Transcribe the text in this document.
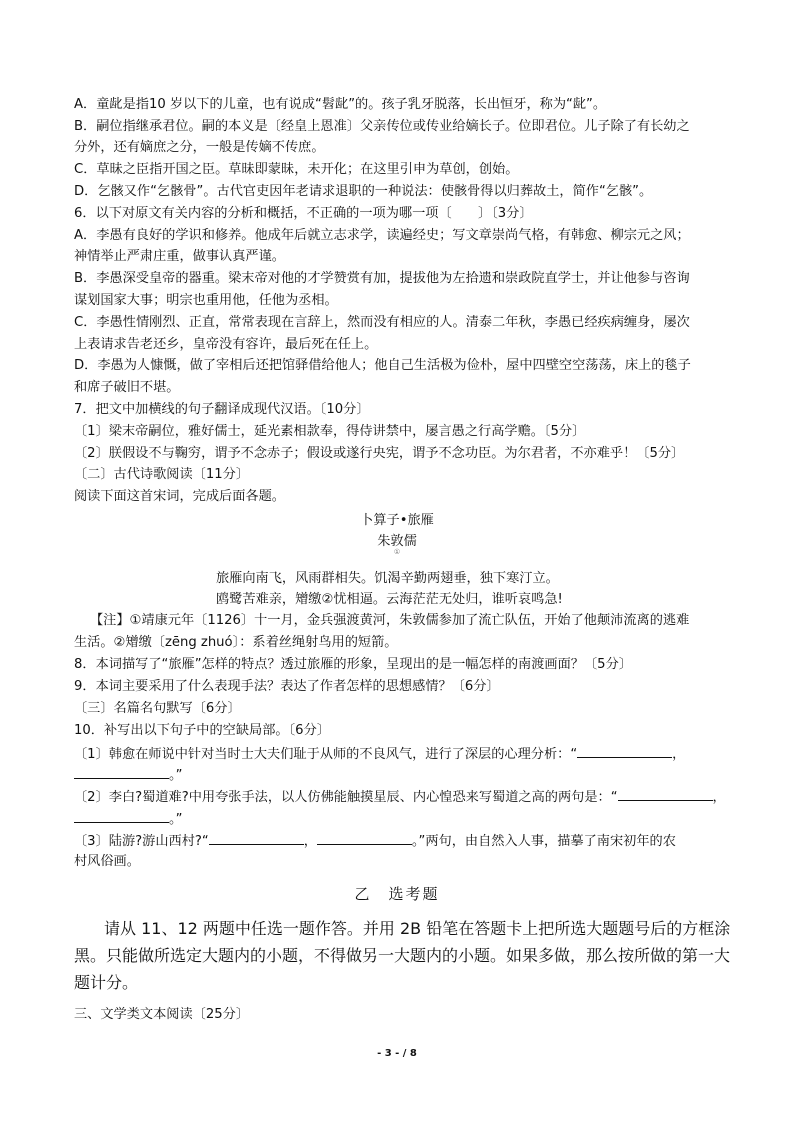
A．童龀是指10 岁以下的儿童，也有说成“髫龀”的。孩子乳牙脱落，长出恒牙，称为“龀”。
B．嗣位指继承君位。嗣的本义是〔经皇上恩准〕父亲传位或传业给嫡长子。位即君位。儿子除了有长幼之
分外，还有嫡庶之分，一般是传嫡不传庶。
C．草昧之臣指开国之臣。草昧即蒙昧，未开化；在这里引申为草创，创始。
D．乞骸又作“乞骸骨”。古代官吏因年老请求退职的一种说法：使骸骨得以归葬故土，简作“乞骸”。
6．以下对原文有关内容的分析和概括，不正确的一项为哪一项〔　　〕〔3分〕
A．李愚有良好的学识和修养。他成年后就立志求学，读遍经史；写文章崇尚气格，有韩愈、柳宗元之风；
神情举止严肃庄重，做事认真严谨。
B．李愚深受皇帝的器重。梁末帝对他的才学赞赏有加，提拔他为左拾遗和崇政院直学士，并让他参与咨询
谋划国家大事；明宗也重用他，任他为丞相。
C．李愚性情刚烈、正直，常常表现在言辞上，然而没有相应的人。清泰二年秋，李愚已经疾病缠身，屡次
上表请求告老还乡，皇帝没有容许，最后死在任上。
D．李愚为人慷慨，做了宰相后还把馆驿借给他人；他自己生活极为俭朴，屋中四壁空空荡荡，床上的毯子
和席子破旧不堪。
7．把文中加横线的句子翻译成现代汉语。〔10分〕
〔1〕梁末帝嗣位，雅好儒士，延光素相款奉，得侍讲禁中，屡言愚之行高学赡。〔5分〕
〔2〕朕假设不与鞠穷，谓予不念赤子；假设或遂行央宪，谓予不念功臣。为尔君者，不亦难乎！〔5分〕
〔二〕古代诗歌阅读〔11分〕
阅读下面这首宋词，完成后面各题。
卜算子•旅雁
朱敦儒
①
旅雁向南飞，风雨群相失。饥渴辛勤两翅垂，独下寒汀立。
鸥鹭苦难亲，矰缴②忧相逼。云海茫茫无处归，谁听哀鸣急!
【注】①靖康元年〔1126〕十一月，金兵强渡黄河，朱敦儒参加了流亡队伍，开始了他颠沛流离的逃难
生活。②矰缴〔zēng zhuó〕：系着丝绳射鸟用的短箭。
8．本词描写了“旅雁”怎样的特点？透过旅雁的形象，呈现出的是一幅怎样的南渡画面？〔5分〕
9．本词主要采用了什么表现手法？表达了作者怎样的思想感情？〔6分〕
〔三〕名篇名句默写〔6分〕
10．补写出以下句子中的空缺局部。〔6分〕
〔1〕韩愈在师说中针对当时士大夫们耻于从师的不良风气，进行了深层的心理分析：“	，
。”
〔2〕李白?蜀道难?中用夸张手法，以人仿佛能触摸星辰、内心惶恐来写蜀道之高的两句是：“	，
。”
〔3〕陆游?游山西村?“	，	。”两句，由自然入人事，描摹了南宋初年的农
村风俗画。
乙　选考题
请从 11、12 两题中任选一题作答。并用 2B 铅笔在答题卡上把所选大题题号后的方框涂
黑。只能做所选定大题内的小题，不得做另一大题内的小题。如果多做，那么按所做的第一大
题计分。
三、文学类文本阅读〔25分〕
- 3 - / 8
